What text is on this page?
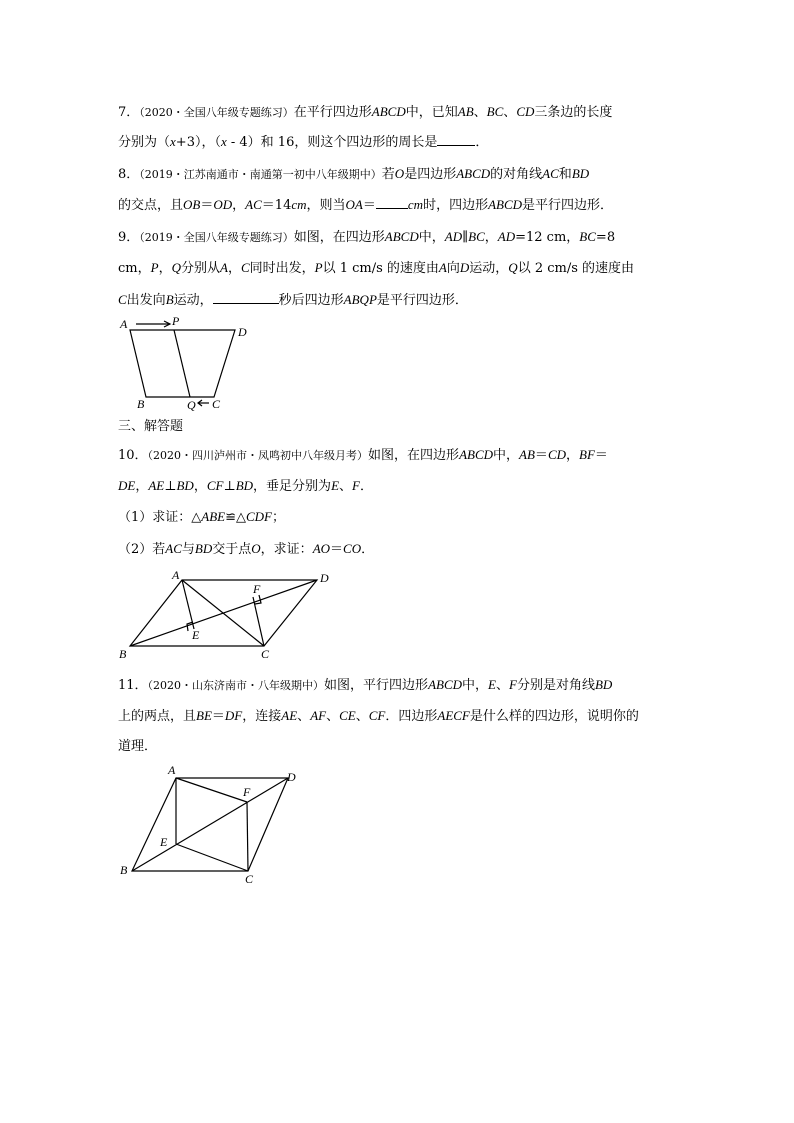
7．（2020・全国八年级专题练习）在平行四边形ABCD中，已知AB、BC、CD三条边的长度
分别为（x+3），（x - 4）和 16，则这个四边形的周长是	．
8．（2019・江苏南通市・南通第一初中八年级期中）若O是四边形ABCD的对角线AC和BD
的交点，且OB＝OD，AC＝14cm，则当OA＝ cm时，四边形ABCD是平行四边形．
9．（2019・全国八年级专题练习）如图，在四边形ABCD中，AD∥BC，AD=12 cm，BC=8
cm，P，Q分别从A，C同时出发，P以 1 cm/s 的速度由A向D运动，Q以 2 cm/s 的速度由
C出发向B运动，	秒后四边形ABQP是平行四边形．
A	P
D
B	Q C
三、解答题
10．（2020・四川泸州市・凤鸣初中八年级月考）如图，在四边形ABCD中，AB＝CD，BF＝
DE，AE⊥BD，CF⊥BD，垂足分别为E、F．
（1）求证：△ABE≌△CDF；
（2）若AC与BD交于点O，求证：AO＝CO．
A	D
F
E
B	C
11．（2020・山东济南市・八年级期中）如图，平行四边形ABCD中，E、F分别是对角线BD
上的两点，且BE＝DF，连接AE、AF、CE、CF．四边形AECF是什么样的四边形，说明你的
道理．
A	D
F
E
B
C
